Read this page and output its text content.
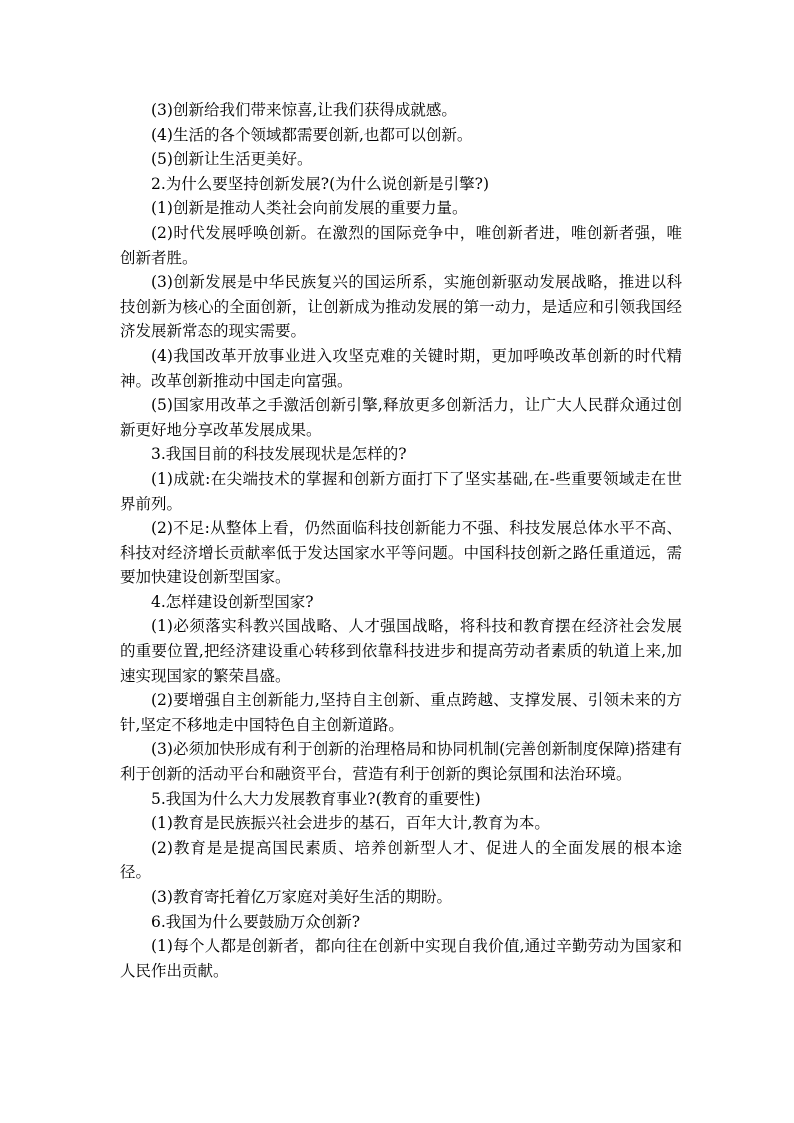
(3)创新给我们带来惊喜,让我们获得成就感。

(4)生活的各个领域都需要创新,也都可以创新。

(5)创新让生活更美好。

2.为什么要坚持创新发展?(为什么说创新是引擎?)

(1)创新是推动人类社会向前发展的重要力量。

(2)时代发展呼唤创新。在激烈的国际竞争中，唯创新者进，唯创新者强，唯创新者胜。

(3)创新发展是中华民族复兴的国运所系，实施创新驱动发展战略，推进以科技创新为核心的全面创新，让创新成为推动发展的第一动力，是适应和引领我国经济发展新常态的现实需要。

(4)我国改革开放事业进入攻坚克难的关键时期，更加呼唤改革创新的时代精神。改革创新推动中国走向富强。

(5)国家用改革之手激活创新引擎,释放更多创新活力，让广大人民群众通过创新更好地分享改革发展成果。

3.我国目前的科技发展现状是怎样的?

(1)成就:在尖端技术的掌握和创新方面打下了坚实基础,在-些重要领域走在世界前列。

(2)不足:从整体上看，仍然面临科技创新能力不强、科技发展总体水平不高、科技对经济增长贡献率低于发达国家水平等问题。中国科技创新之路任重道远，需要加快建设创新型国家。

4.怎样建设创新型国家?

(1)必须落实科教兴国战略、人才强国战略，将科技和教育摆在经济社会发展的重要位置,把经济建设重心转移到依靠科技进步和提高劳动者素质的轨道上来,加速实现国家的繁荣昌盛。

(2)要增强自主创新能力,坚持自主创新、重点跨越、支撑发展、引领未来的方针,坚定不移地走中国特色自主创新道路。

(3)必须加快形成有利于创新的治理格局和协同机制(完善创新制度保障)搭建有利于创新的活动平台和融资平台，营造有利于创新的舆论氛围和法治环境。

5.我国为什么大力发展教育事业?(教育的重要性)

(1)教育是民族振兴社会进步的基石，百年大计,教育为本。

(2)教育是是提高国民素质、培养创新型人才、促进人的全面发展的根本途径。

(3)教育寄托着亿万家庭对美好生活的期盼。

6.我国为什么要鼓励万众创新?

(1)每个人都是创新者，都向往在创新中实现自我价值,通过辛勤劳动为国家和人民作出贡献。
